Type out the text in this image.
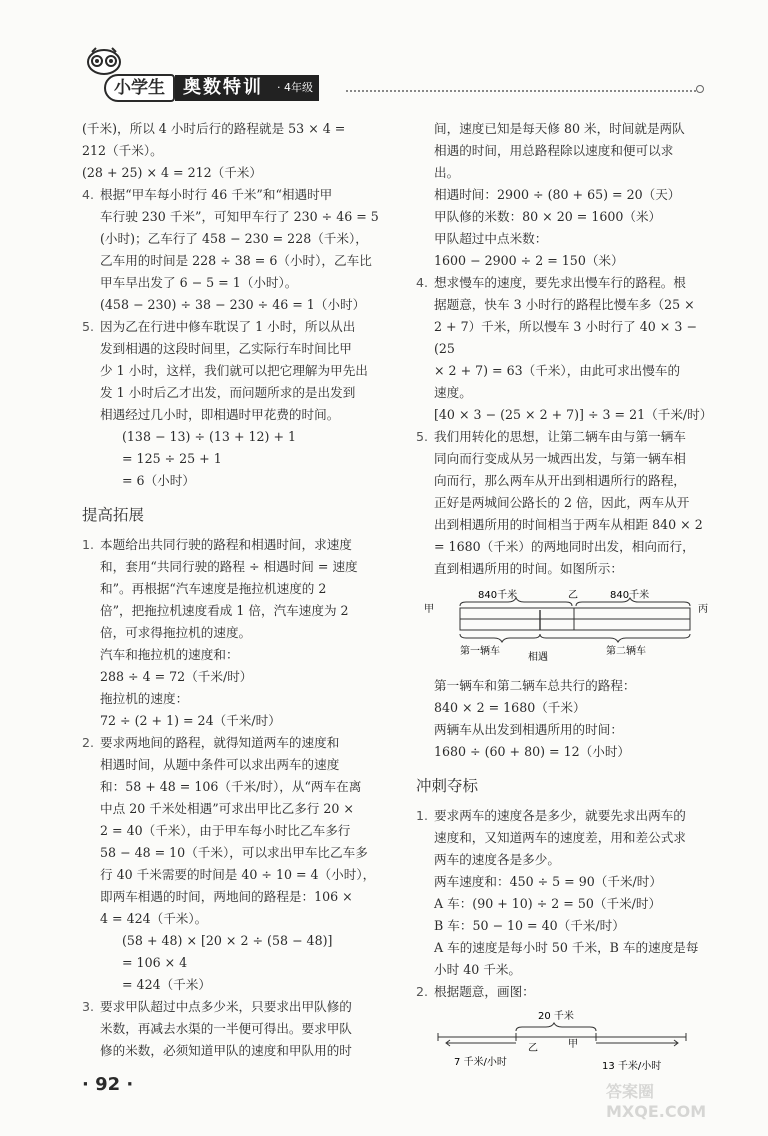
小学生	奥数特训	· 4年级

(千米)，所以 4 小时后行的路程就是 53 × 4 =

212（千米）。

(28 + 25) × 4 = 212（千米）

4. 根据“甲车每小时行 46 千米”和“相遇时甲

车行驶 230 千米”，可知甲车行了 230 ÷ 46 = 5

(小时)；乙车行了 458 − 230 = 228（千米），

乙车用的时间是 228 ÷ 38 = 6（小时），乙车比

甲车早出发了 6 − 5 = 1（小时）。

(458 − 230) ÷ 38 − 230 ÷ 46 = 1（小时）

5. 因为乙在行进中修车耽误了 1 小时，所以从出

发到相遇的这段时间里，乙实际行车时间比甲

少 1 小时，这样，我们就可以把它理解为甲先出

发 1 小时后乙才出发，而问题所求的是出发到

相遇经过几小时，即相遇时甲花费的时间。

(138 − 13) ÷ (13 + 12) + 1

= 125 ÷ 25 + 1

= 6（小时）

提高拓展
1. 本题给出共同行驶的路程和相遇时间，求速度

和，套用“共同行驶的路程 ÷ 相遇时间 = 速度

和”。再根据“汽车速度是拖拉机速度的 2

倍”，把拖拉机速度看成 1 倍，汽车速度为 2

倍，可求得拖拉机的速度。

汽车和拖拉机的速度和：

288 ÷ 4 = 72（千米/时）

拖拉机的速度：

72 ÷ (2 + 1) = 24（千米/时）

2. 要求两地间的路程，就得知道两车的速度和

相遇时间，从题中条件可以求出两车的速度

和：58 + 48 = 106（千米/时），从“两车在离

中点 20 千米处相遇”可求出甲比乙多行 20 ×

2 = 40（千米），由于甲车每小时比乙车多行

58 − 48 = 10（千米），可以求出甲车比乙车多

行 40 千米需要的时间是 40 ÷ 10 = 4（小时），

即两车相遇的时间，两地间的路程是：106 ×

4 = 424（千米）。

(58 + 48) × [20 × 2 ÷ (58 − 48)]

= 106 × 4

= 424（千米）

3. 要求甲队超过中点多少米，只要求出甲队修的

米数，再减去水渠的一半便可得出。要求甲队

修的米数，必须知道甲队的速度和甲队用的时

间，速度已知是每天修 80 米，时间就是两队

相遇的时间，用总路程除以速度和便可以求

出。

相遇时间：2900 ÷ (80 + 65) = 20（天）

甲队修的米数：80 × 20 = 1600（米）

甲队超过中点米数：

1600 − 2900 ÷ 2 = 150（米）

4. 想求慢车的速度，要先求出慢车行的路程。根

据题意，快车 3 小时行的路程比慢车多（25 ×

2 + 7）千米，所以慢车 3 小时行了 40 × 3 − (25

× 2 + 7) = 63（千米），由此可求出慢车的

速度。

[40 × 3 − (25 × 2 + 7)] ÷ 3 = 21（千米/时）

5. 我们用转化的思想，让第二辆车由与第一辆车

同向而行变成从另一城西出发，与第一辆车相

向而行，那么两车从开出到相遇所行的路程，

正好是两城间公路长的 2 倍，因此，两车从开

出到相遇所用的时间相当于两车从相距 840 × 2

= 1680（千米）的两地同时出发，相向而行，

直到相遇所用的时间。如图所示：

甲	丙
乙
840千米	840千米
第一辆车
相遇
第二辆车

第一辆车和第二辆车总共行的路程：

840 × 2 = 1680（千米）

两辆车从出发到相遇所用的时间：

1680 ÷ (60 + 80) = 12（小时）

冲刺夺标
1. 要求两车的速度各是多少，就要先求出两车的

速度和，又知道两车的速度差，用和差公式求

两车的速度各是多少。

两车速度和：450 ÷ 5 = 90（千米/时）

A 车：(90 + 10) ÷ 2 = 50（千米/时）

B 车：50 − 10 = 40（千米/时）

A 车的速度是每小时 50 千米，B 车的速度是每

小时 40 千米。

2. 根据题意，画图：

20 千米
乙	甲
7 千米/小时	13 千米/小时
· 92 ·	答案圈 MXQE.COM
